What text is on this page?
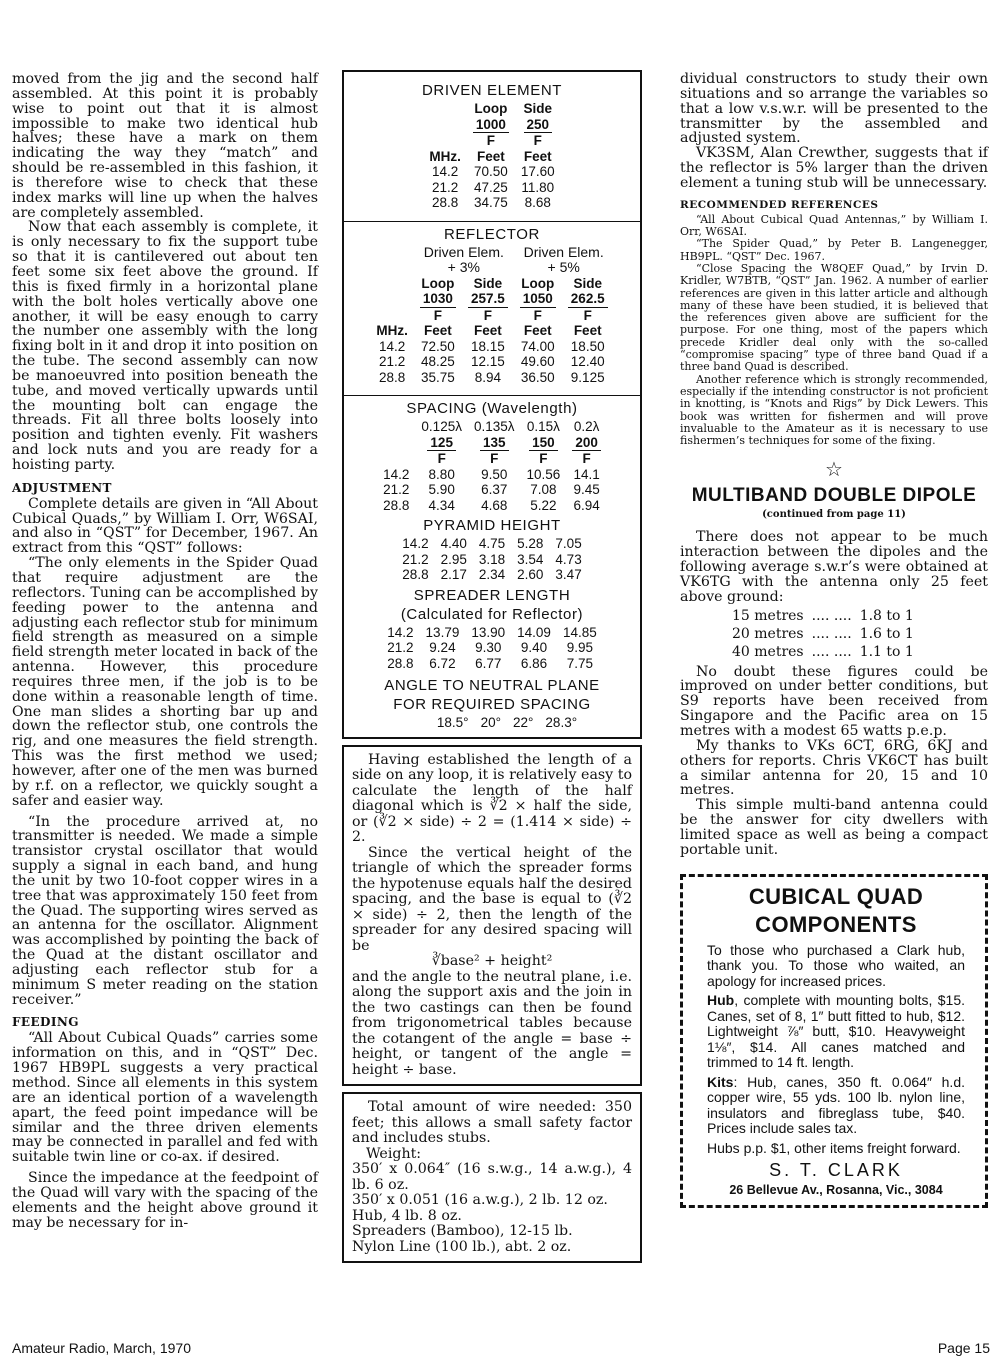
moved from the jig and the second half assembled. At this point it is probably wise to point out that it is almost impossible to make two identical hub halves; these have a mark on them indicating the way they “match” and should be re-assembled in this fashion, it is therefore wise to check that these index marks will line up when the halves are completely assembled.

Now that each assembly is complete, it is only necessary to fix the support tube so that it is cantilevered out about ten feet some six feet above the ground. If this is fixed firmly in a horizontal plane with the bolt holes vertically above one another, it will be easy enough to carry the number one assembly with the long fixing bolt in it and drop it into position on the tube. The second assembly can now be manoeuvred into position beneath the tube, and moved vertically upwards until the mounting bolt can engage the threads. Fit all three bolts loosely into position and tighten evenly. Fit washers and lock nuts and you are ready for a hoisting party.

ADJUSTMENT

Complete details are given in “All About Cubical Quads,” by William I. Orr, W6SAI, and also in “QST” for December, 1967. An extract from this “QST” follows:

“The only elements in the Spider Quad that require adjustment are the reflectors. Tuning can be accomplished by feeding power to the antenna and adjusting each reflector stub for minimum field strength as measured on a simple field strength meter located in back of the antenna. However, this procedure requires three men, if the job is to be done within a reasonable length of time. One man slides a shorting bar up and down the reflector stub, one controls the rig, and one measures the field strength. This was the first method we used; however, after one of the men was burned by r.f. on a reflector, we quickly sought a safer and easier way.

“In the procedure arrived at, no transmitter is needed. We made a simple transistor crystal oscillator that would supply a signal in each band, and hung the unit by two 10-foot copper wires in a tree that was approximately 150 feet from the Quad. The supporting wires served as an antenna for the oscillator. Alignment was accomplished by pointing the back of the Quad at the distant oscillator and adjusting each reflector stub for a minimum S meter reading on the station receiver.”

FEEDING

“All About Cubical Quads” carries some information on this, and in “QST” Dec. 1967 HB9PL suggests a very practical method. Since all elements in this system are an identical portion of a wavelength apart, the feed point impedance will be similar and the three driven elements may be connected in parallel and fed with suitable twin line or co-ax. if desired.

Since the impedance at the feedpoint of the Quad will vary with the spacing of the elements and the height above ground it may be necessary for in-

DRIVEN ELEMENT
	Loop	Side

	$\frac{1000}{F}$	$\frac{250}{F}$

MHz.	Feet	Feet
14.2	70.50	17.60
21.2	47.25	11.80
28.8	34.75	8.68
REFLECTOR
	Driven Elem.		Driven Elem.	
	+ 3%		+ 5%	
	Loop	Side	Loop	Side

	$\frac{1030}{F}$	$\frac{257.5}{F}$	$\frac{1050}{F}$	$\frac{262.5}{F}$

MHz.	Feet	Feet	Feet	Feet
14.2	72.50	18.15	74.00	18.50
21.2	48.25	12.15	49.60	12.40
28.8	35.75	8.94	36.50	9.125
SPACING (Wavelength)
	0.125λ	0.135λ	0.15λ	0.2λ

	$\frac{125}{F}$	$\frac{135}{F}$	$\frac{150}{F}$	$\frac{200}{F}$

14.2	8.80	9.50	10.56	14.1
21.2	5.90	6.37	7.08	9.45
28.8	4.34	4.68	5.22	6.94
PYRAMID HEIGHT
14.2	4.40	4.75	5.28	7.05
21.2	2.95	3.18	3.54	4.73
28.8	2.17	2.34	2.60	3.47
SPREADER LENGTH
(Calculated for Reflector)
14.2	13.79	13.90	14.09	14.85
21.2	9.24	9.30	9.40	9.95
28.8	6.72	6.77	6.86	7.75
ANGLE TO NEUTRAL PLANE
FOR REQUIRED SPACING
	18.5°	20°	22°	28.3°
Having established the length of a side on any loop, it is relatively easy to calculate the length of the half diagonal which is ∛2 × half the side, or (∛2 × side) ÷ 2 = (1.414 × side) ÷ 2.
Since the vertical height of the triangle of which the spreader forms the hypotenuse equals half the desired spacing, and the base is equal to (∛2 × side) ÷ 2, then the length of the spreader for any desired spacing will be
∛base² + height²
and the angle to the neutral plane, i.e. along the support axis and the join in the two castings can then be found from trigonometrical tables because the cotangent of the angle = base ÷ height, or tangent of the angle = height ÷ base.
Total amount of wire needed: 350 feet; this allows a small safety factor and includes stubs.
Weight:
350′ x 0.064″ (16 s.w.g., 14 a.w.g.), 4 lb. 6 oz.
350′ x 0.051 (16 a.w.g.), 2 lb. 12 oz.
Hub, 4 lb. 8 oz.
Spreaders (Bamboo), 12-15 lb.
Nylon Line (100 lb.), abt. 2 oz.

dividual constructors to study their own situations and so arrange the variables so that a low v.s.w.r. will be presented to the transmitter by the assembled and adjusted system.

VK3SM, Alan Crewther, suggests that if the reflector is 5% larger than the driven element a tuning stub will be unnecessary.

RECOMMENDED REFERENCES

“All About Cubical Quad Antennas,” by William I. Orr, W6SAI.

“The Spider Quad,” by Peter B. Langenegger, HB9PL. “QST” Dec. 1967.

“Close Spacing the W8QEF Quad,” by Irvin D. Kridler, W7BTB, “QST” Jan. 1962. A number of earlier references are given in this latter article and although many of these have been studied, it is believed that the references given above are sufficient for the purpose. For one thing, most of the papers which precede Kridler deal only with the so-called “compromise spacing” type of three band Quad if a three band Quad is described.

Another reference which is strongly recommended, especially if the intending constructor is not proficient in knotting, is “Knots and Rigs” by Dick Lewers. This book was written for fishermen and will prove invaluable to the Amateur as it is necessary to use fishermen’s techniques for some of the fixing.

☆
MULTIBAND DOUBLE DIPOLE
(continued from page 11)

There does not appear to be much interaction between the dipoles and the following average s.w.r’s were obtained at VK6TG with the antenna only 25 feet above ground:

15 metres	.... ....	1.8 to 1
20 metres	.... ....	1.6 to 1
40 metres	.... ....	1.1 to 1

No doubt these figures could be improved on under better conditions, but S9 reports have been received from Singapore and the Pacific area on 15 metres with a modest 65 watts p.e.p.

My thanks to VKs 6CT, 6RG, 6KJ and others for reports. Chris VK6CT has built a similar antenna for 20, 15 and 10 metres.

This simple multi-band antenna could be the answer for city dwellers with limited space as well as being a compact portable unit.

CUBICAL QUAD
COMPONENTS

To those who purchased a Clark hub, thank you. To those who waited, an apology for increased prices.

Hub, complete with mounting bolts, $15. Canes, set of 8, 1″ butt fitted to hub, $12. Lightweight ⅞″ butt, $10. Heavyweight 1⅛″, $14. All canes matched and trimmed to 14 ft. length.

Kits: Hub, canes, 350 ft. 0.064″ h.d. copper wire, 55 yds. 100 lb. nylon line, insulators and fibreglass tube, $40. Prices include sales tax.

Hubs p.p. $1, other items freight forward.

S. T. CLARK
26 Bellevue Av., Rosanna, Vic., 3084
Amateur Radio, March, 1970	Page 15
